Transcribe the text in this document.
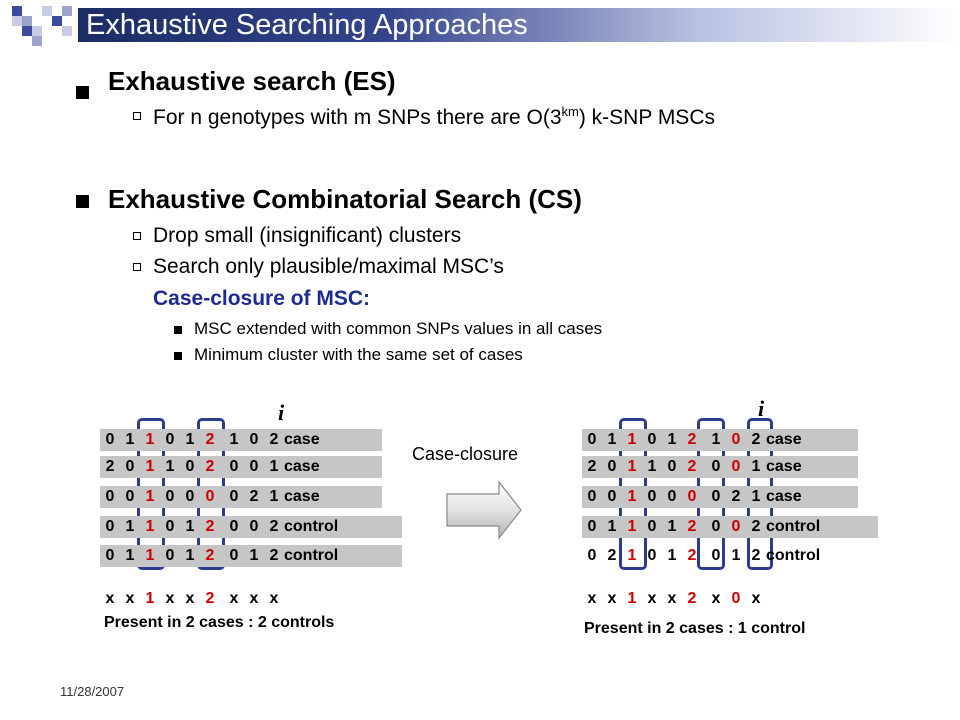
Exhaustive Searching Approaches
Exhaustive search (ES)
For n genotypes with m SNPs there are $O(3^{km})$ k-SNP MSCs
Exhaustive Combinatorial Search (CS)
Drop small (insignificant) clusters
Search only plausible/maximal MSC’s
Case-closure of MSC:
MSC extended with common SNPs values in all cases
Minimum cluster with the same set of cases
i
0 1 1 0 1 2 1 0 2 case
2 0 1 1 0 2 0 0 1 case
0 0 1 0 0 0 0 2 1 case
0 1 1 0 1 2 0 0 2 control
0 1 1 0 1 2 0 1 2 control
x x 1 x x 2 x x x
Present in 2 cases : 2 controls
i
0 1 1 0 1 2 1 0 2 case
2 0 1 1 0 2 0 0 1 case
0 0 1 0 0 0 0 2 1 case
0 1 1 0 1 2 0 0 2 control
0 2 1 0 1 2 0 1 2 control
x x 1 x x 2 x 0 x
Present in 2 cases : 1 control
Case-closure
11/28/2007
